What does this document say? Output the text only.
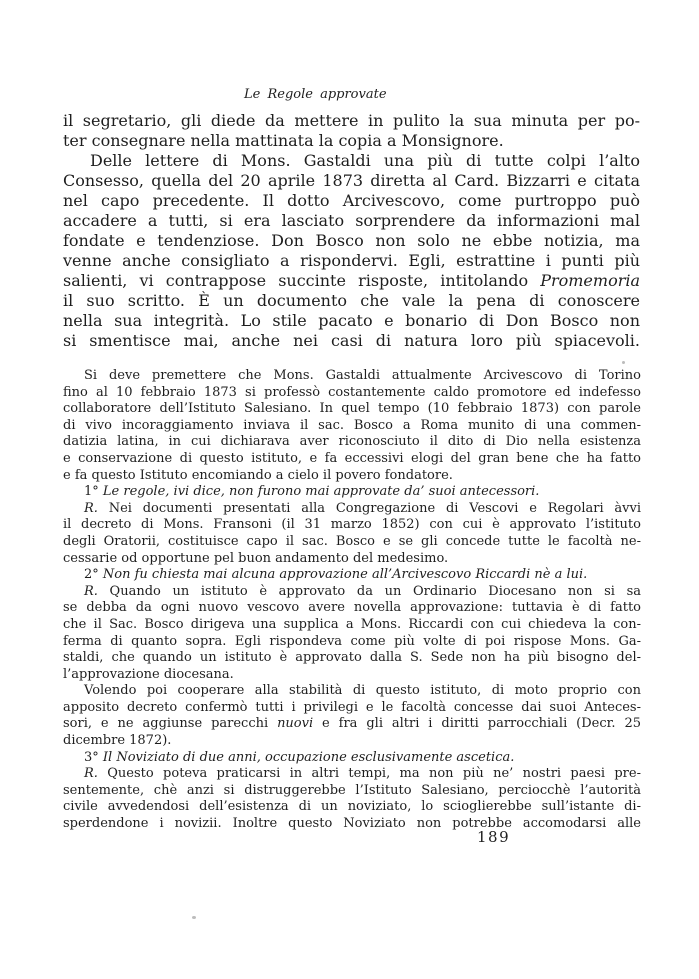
Le Regole approvate
il segretario, gli diede da mettere in pulito la sua minuta per po-
ter consegnare nella mattinata la copia a Monsignore.
Delle lettere di Mons. Gastaldi una più di tutte colpi l’alto
Consesso, quella del 20 aprile 1873 diretta al Card. Bizzarri e citata
nel capo precedente. Il dotto Arcivescovo, come purtroppo può
accadere a tutti, si era lasciato sorprendere da informazioni mal
fondate e tendenziose. Don Bosco non solo ne ebbe notizia, ma
venne anche consigliato a rispondervi. Egli, estrattine i punti più
salienti, vi contrappose succinte risposte, intitolando Promemoria
il suo scritto. È un documento che vale la pena di conoscere
nella sua integrità. Lo stile pacato e bonario di Don Bosco non
si smentisce mai, anche nei casi di natura loro più spiacevoli.
Si deve premettere che Mons. Gastaldi attualmente Arcivescovo di Torino
fino al 10 febbraio 1873 si professò costantemente caldo promotore ed indefesso
collaboratore dell’Istituto Salesiano. In quel tempo (10 febbraio 1873) con parole
di vivo incoraggiamento inviava il sac. Bosco a Roma munito di una commen-
datizia latina, in cui dichiarava aver riconosciuto il dito di Dio nella esistenza
e conservazione di questo istituto, e fa eccessivi elogi del gran bene che ha fatto
e fa questo Istituto encomiando a cielo il povero fondatore.
1° Le regole, ivi dice, non furono mai approvate da’ suoi antecessori.
R. Nei documenti presentati alla Congregazione di Vescovi e Regolari àvvi
il decreto di Mons. Fransoni (il 31 marzo 1852) con cui è approvato l’istituto
degli Oratorii, costituisce capo il sac. Bosco e se gli concede tutte le facoltà ne-
cessarie od opportune pel buon andamento del medesimo.
2° Non fu chiesta mai alcuna approvazione all’Arcivescovo Riccardi nè a lui.
R. Quando un istituto è approvato da un Ordinario Diocesano non si sa
se debba da ogni nuovo vescovo avere novella approvazione: tuttavia è di fatto
che il Sac. Bosco dirigeva una supplica a Mons. Riccardi con cui chiedeva la con-
ferma di quanto sopra. Egli rispondeva come più volte di poi rispose Mons. Ga-
staldi, che quando un istituto è approvato dalla S. Sede non ha più bisogno del-
l’approvazione diocesana.
Volendo poi cooperare alla stabilità di questo istituto, di moto proprio con
apposito decreto confermò tutti i privilegi e le facoltà concesse dai suoi Anteces-
sori, e ne aggiunse parecchi nuovi e fra gli altri i diritti parrocchiali (Decr. 25
dicembre 1872).
3° Il Noviziato di due anni, occupazione esclusivamente ascetica.
R. Questo poteva praticarsi in altri tempi, ma non più ne’ nostri paesi pre-
sentemente, chè anzi si distruggerebbe l’Istituto Salesiano, perciocchè l’autorità
civile avvedendosi dell’esistenza di un noviziato, lo scioglierebbe sull’istante di-
sperdendone i novizii. Inoltre questo Noviziato non potrebbe accomodarsi alle
189
